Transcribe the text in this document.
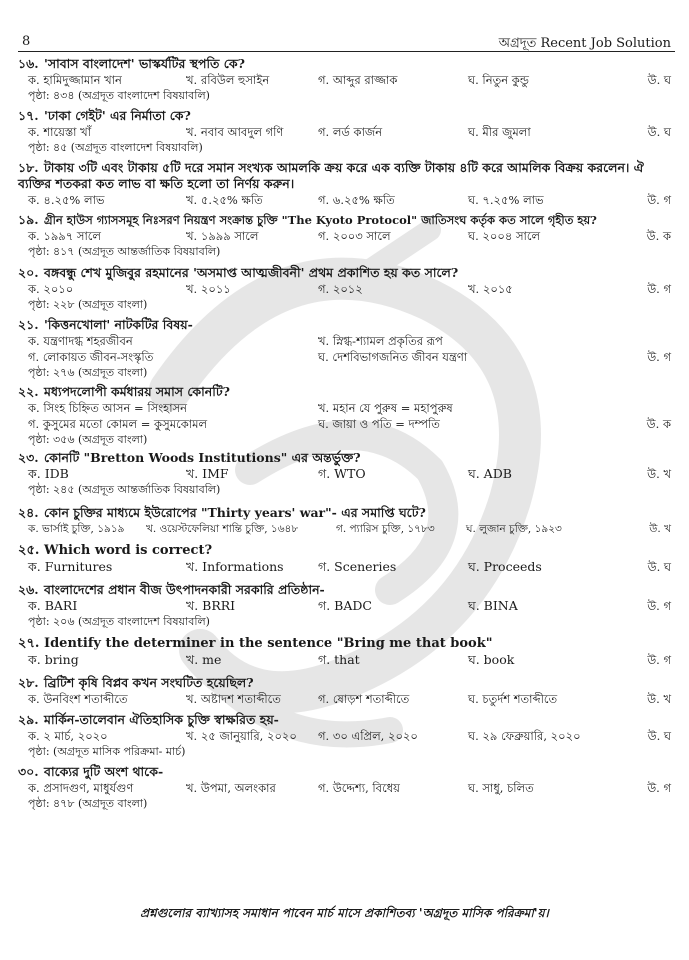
8	অগ্রদূত Recent Job Solution
১৬. 'সাবাস বাংলাদেশ' ভাস্কর্যটির স্থপতি কে?
ক. হামিদুজ্জামান খান	খ. রবিউল হুসাইন	গ. আব্দুর রাজ্জাক	ঘ. নিতুন কুন্ডু	উ. ঘ
পৃষ্ঠা: ৪৩৪ (অগ্রদূত বাংলাদেশ বিষয়াবলি)
১৭. 'ঢাকা গেইট' এর নির্মাতা কে?
ক. শায়েস্তা খাঁ	খ. নবাব আবদুল গণি	গ. লর্ড কার্জন	ঘ. মীর জুমলা	উ. ঘ
পৃষ্ঠা: ৪৫ (অগ্রদূত বাংলাদেশ বিষয়াবলি)
১৮. টাকায় ৩টি এবং টাকায় ৫টি দরে সমান সংখ্যক আমলকি ক্রয় করে এক ব্যক্তি টাকায় ৪টি করে আমলিক বিক্রয় করলেন। ঐ ব্যক্তির শতকরা কত লাভ বা ক্ষতি হলো তা নির্ণয় করুন।
ক. ৪.২৫% লাভ	খ. ৫.২৫% ক্ষতি	গ. ৬.২৫% ক্ষতি	ঘ. ৭.২৫% লাভ	উ. গ
১৯. গ্রীন হাউস গ্যাসসমূহ নিঃসরণ নিয়ন্ত্রণ সংক্রান্ত চুক্তি "The Kyoto Protocol" জাতিসংঘ কর্তৃক কত সালে গৃহীত হয়?
ক. ১৯৯৭ সালে	খ. ১৯৯৯ সালে	গ. ২০০৩ সালে	ঘ. ২০০৪ সালে	উ. ক
পৃষ্ঠা: ৪১৭ (অগ্রদূত আন্তর্জাতিক বিষয়াবলি)
২০. বঙ্গবন্ধু শেখ মুজিবুর রহমানের 'অসমাপ্ত আত্মজীবনী' প্রথম প্রকাশিত হয় কত সালে?
ক. ২০১০	খ. ২০১১	গ. ২০১২	খ. ২০১৫	উ. গ
পৃষ্ঠা: ২২৮ (অগ্রদূত বাংলা)
২১. 'কিত্তনখোলা' নাটকটির বিষয়-
ক. যন্ত্রণাদগ্ধ শহরজীবন	খ. স্নিগ্ধ-শ্যামল প্রকৃতির রূপ
গ. লোকায়ত জীবন-সংস্কৃতি	ঘ. দেশবিভাগজনিত জীবন যন্ত্রণা	উ. গ
পৃষ্ঠা: ২৭৬ (অগ্রদূত বাংলা)
২২. মধ্যপদলোপী কর্মধারয় সমাস কোনটি?
ক. সিংহ চিহ্নিত আসন = সিংহাসন	খ. মহান যে পুরুষ = মহাপুরুষ
গ. কুসুমের মতো কোমল = কুসুমকোমল	ঘ. জায়া ও পতি = দম্পতি	উ. ক
পৃষ্ঠা: ৩৫৬ (অগ্রদূত বাংলা)
২৩. কোনটি "Bretton Woods Institutions" এর অন্তর্ভুক্ত?
ক. IDB	খ. IMF	গ. WTO	ঘ. ADB	উ. খ
পৃষ্ঠা: ২৪৫ (অগ্রদূত আন্তর্জাতিক বিষয়াবলি)
২৪. কোন চুক্তির মাধ্যমে ইউরোপের "Thirty years' war"- এর সমাপ্তি ঘটে?
ক. ভার্সাই চুক্তি, ১৯১৯ খ. ওয়েস্টফেলিয়া শান্তি চুক্তি, ১৬৪৮	গ. প্যারিস চুক্তি, ১৭৮৩	ঘ. লুজান চুক্তি, ১৯২৩	উ. খ
২৫. Which word is correct?
ক. Furnitures	খ. Informations	গ. Sceneries	ঘ. Proceeds	উ. ঘ
২৬. বাংলাদেশের প্রধান বীজ উৎপাদনকারী সরকারি প্রতিষ্ঠান-
ক. BARI	খ. BRRI	গ. BADC	ঘ. BINA	উ. গ
পৃষ্ঠা: ২০৬ (অগ্রদূত বাংলাদেশ বিষয়াবলি)
২৭. Identify the determiner in the sentence "Bring me that book"
ক. bring	খ. me	গ. that	ঘ. book	উ. গ
২৮. ব্রিটিশ কৃষি বিপ্লব কখন সংঘটিত হয়েছিল?
ক. উনবিংশ শতাব্দীতে	খ. অষ্টাদশ শতাব্দীতে	গ. ষোড়শ শতাব্দীতে	ঘ. চতুর্দশ শতাব্দীতে	উ. খ
২৯. মার্কিন-তালেবান ঐতিহাসিক চুক্তি স্বাক্ষরিত হয়-
ক. ২ মার্চ, ২০২০	খ. ২৫ জানুয়ারি, ২০২০ গ. ৩০ এপ্রিল, ২০২০	ঘ. ২৯ ফেব্রুয়ারি, ২০২০	উ. ঘ
পৃষ্ঠা: (অগ্রদূত মাসিক পরিক্রমা- মার্চ)
৩০. বাক্যের দুটি অংশ থাকে-
ক. প্রসাদগুণ, মাধুর্যগুণ	খ. উপমা, অলংকার	গ. উদ্দেশ্য, বিধেয়	ঘ. সাধু, চলিত	উ. গ
পৃষ্ঠা: ৪৭৮ (অগ্রদূত বাংলা)
প্রশ্নগুলোর ব্যাখ্যাসহ সমাধান পাবেন মার্চ মাসে প্রকাশিতব্য 'অগ্রদূত মাসিক পরিক্রমা'য়।
